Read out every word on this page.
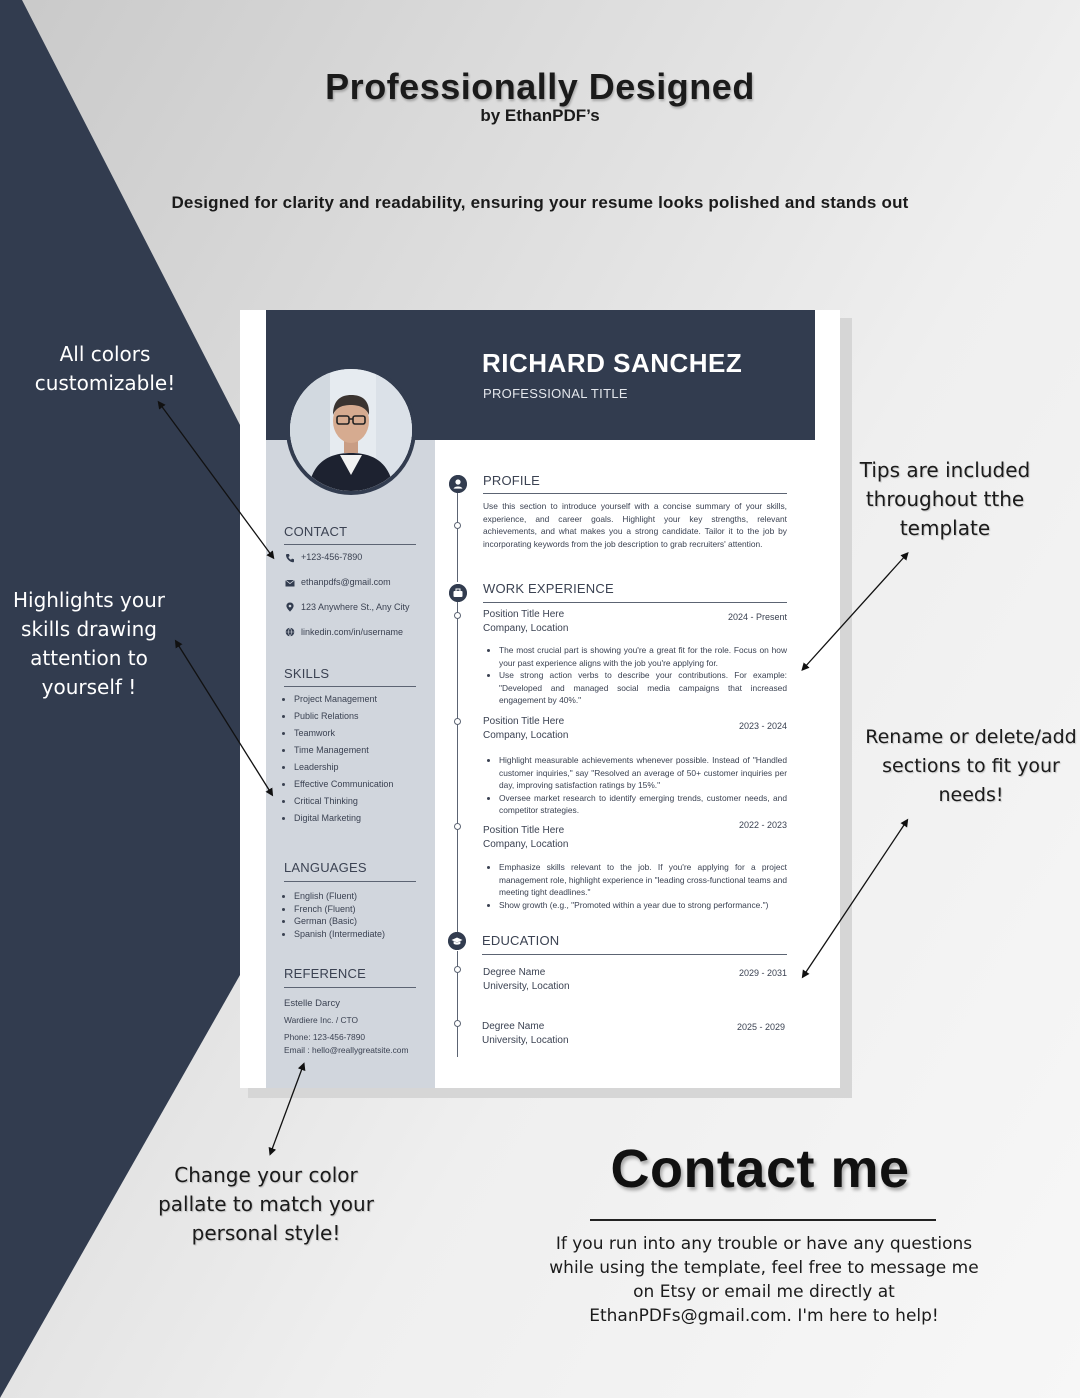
Professionally Designed
by EthanPDF’s
Designed for clarity and readability, ensuring your resume looks polished and stands out
All colors
customizable!
Highlights your
skills drawing
attention to
yourself !
Tips are included
throughout tthe
template
Rename or delete/add
sections to fit your
needs!
Change your color
pallate to match your
personal style!
RICHARD SANCHEZ
PROFESSIONAL TITLE
CONTACT
+123-456-7890
ethanpdfs@gmail.com
123 Anywhere St., Any City
linkedin.com/in/username
SKILLS
• Project Management
• Public Relations
• Teamwork
• Time Management
• Leadership
• Effective Communication
• Critical Thinking
• Digital Marketing
LANGUAGES
• English (Fluent)
• French (Fluent)
• German (Basic)
• Spanish (Intermediate)
REFERENCE
Estelle Darcy
Wardiere Inc. / CTO
Phone: 123-456-7890
Email : hello@reallygreatsite.com
PROFILE
Use this section to introduce yourself with a concise summary of your skills, experience, and career goals. Highlight your key strengths, relevant achievements, and what makes you a strong candidate. Tailor it to the job by incorporating keywords from the job description to grab recruiters' attention.
WORK EXPERIENCE
Position Title Here
Company, Location
2024 - Present
• The most crucial part is showing you're a great fit for the role. Focus on how your past experience aligns with the job you're applying for.
• Use strong action verbs to describe your contributions. For example: "Developed and managed social media campaigns that increased engagement by 40%."
Position Title Here
Company, Location
2023 - 2024
• Highlight measurable achievements whenever possible. Instead of "Handled customer inquiries," say "Resolved an average of 50+ customer inquiries per day, improving satisfaction ratings by 15%."
• Oversee market research to identify emerging trends, customer needs, and competitor strategies.
Position Title Here
Company, Location
2022 - 2023
• Emphasize skills relevant to the job. If you're applying for a project management role, highlight experience in "leading cross-functional teams and meeting tight deadlines."
• Show growth (e.g., "Promoted within a year due to strong performance.")
EDUCATION
Degree Name
University, Location
2029 - 2031
Degree Name
University, Location
2025 - 2029
Contact me
If you run into any trouble or have any questions
while using the template, feel free to message me
on Etsy or email me directly at
EthanPDFs@gmail.com. I'm here to help!
